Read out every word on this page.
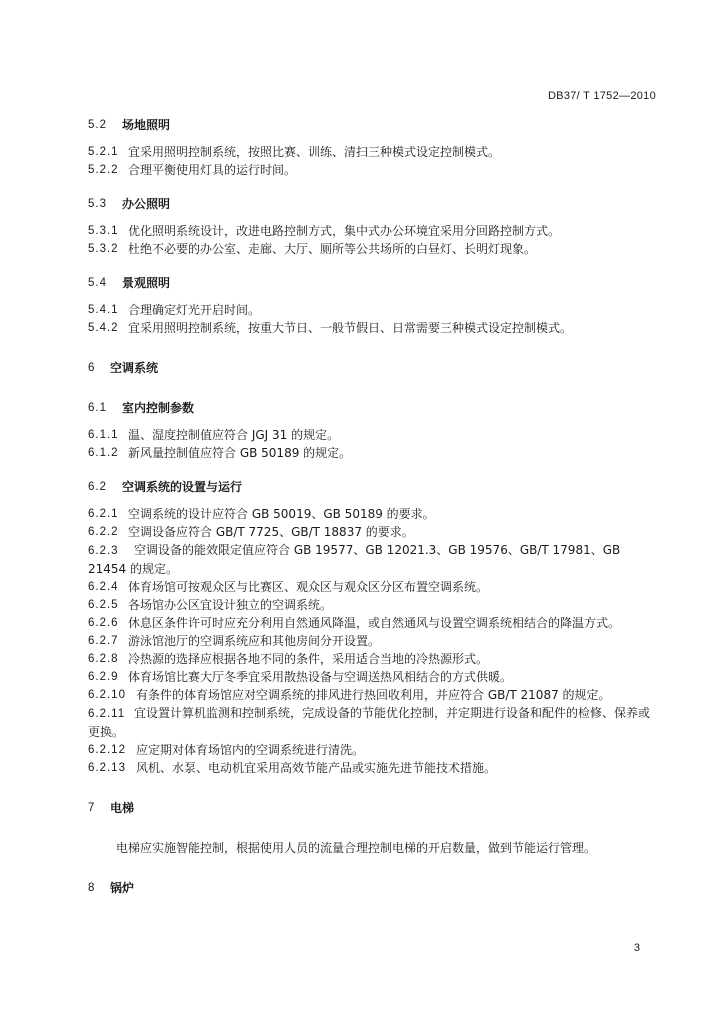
DB37/ T 1752—2010
5.2	场地照明
5.2.1 宜采用照明控制系统，按照比赛、训练、清扫三种模式设定控制模式。
5.2.2 合理平衡使用灯具的运行时间。
5.3	办公照明
5.3.1 优化照明系统设计，改进电路控制方式，集中式办公环境宜采用分回路控制方式。
5.3.2 杜绝不必要的办公室、走廊、大厅、厕所等公共场所的白昼灯、长明灯现象。
5.4	景观照明
5.4.1 合理确定灯光开启时间。
5.4.2 宜采用照明控制系统，按重大节日、一般节假日、日常需要三种模式设定控制模式。
6	空调系统
6.1	室内控制参数
6.1.1 温、湿度控制值应符合 JGJ 31 的规定。
6.1.2 新风量控制值应符合 GB 50189 的规定。
6.2	空调系统的设置与运行
6.2.1 空调系统的设计应符合 GB 50019、GB 50189 的要求。
6.2.2 空调设备应符合 GB/T 7725、GB/T 18837 的要求。
6.2.3 空调设备的能效限定值应符合 GB 19577、GB 12021.3、GB 19576、GB/T 17981、GB 21454 的规定。
6.2.4 体育场馆可按观众区与比赛区、观众区与观众区分区布置空调系统。
6.2.5 各场馆办公区宜设计独立的空调系统。
6.2.6 休息区条件许可时应充分利用自然通风降温，或自然通风与设置空调系统相结合的降温方式。
6.2.7 游泳馆池厅的空调系统应和其他房间分开设置。
6.2.8 冷热源的选择应根据各地不同的条件，采用适合当地的冷热源形式。
6.2.9 体育场馆比赛大厅冬季宜采用散热设备与空调送热风相结合的方式供暖。
6.2.10 有条件的体育场馆应对空调系统的排风进行热回收利用，并应符合 GB/T 21087 的规定。
6.2.11 宜设置计算机监测和控制系统，完成设备的节能优化控制，并定期进行设备和配件的检修、保养或更换。
6.2.12 应定期对体育场馆内的空调系统进行清洗。
6.2.13 风机、水泵、电动机宜采用高效节能产品或实施先进节能技术措施。
7	电梯
电梯应实施智能控制，根据使用人员的流量合理控制电梯的开启数量，做到节能运行管理。
8	锅炉
3
